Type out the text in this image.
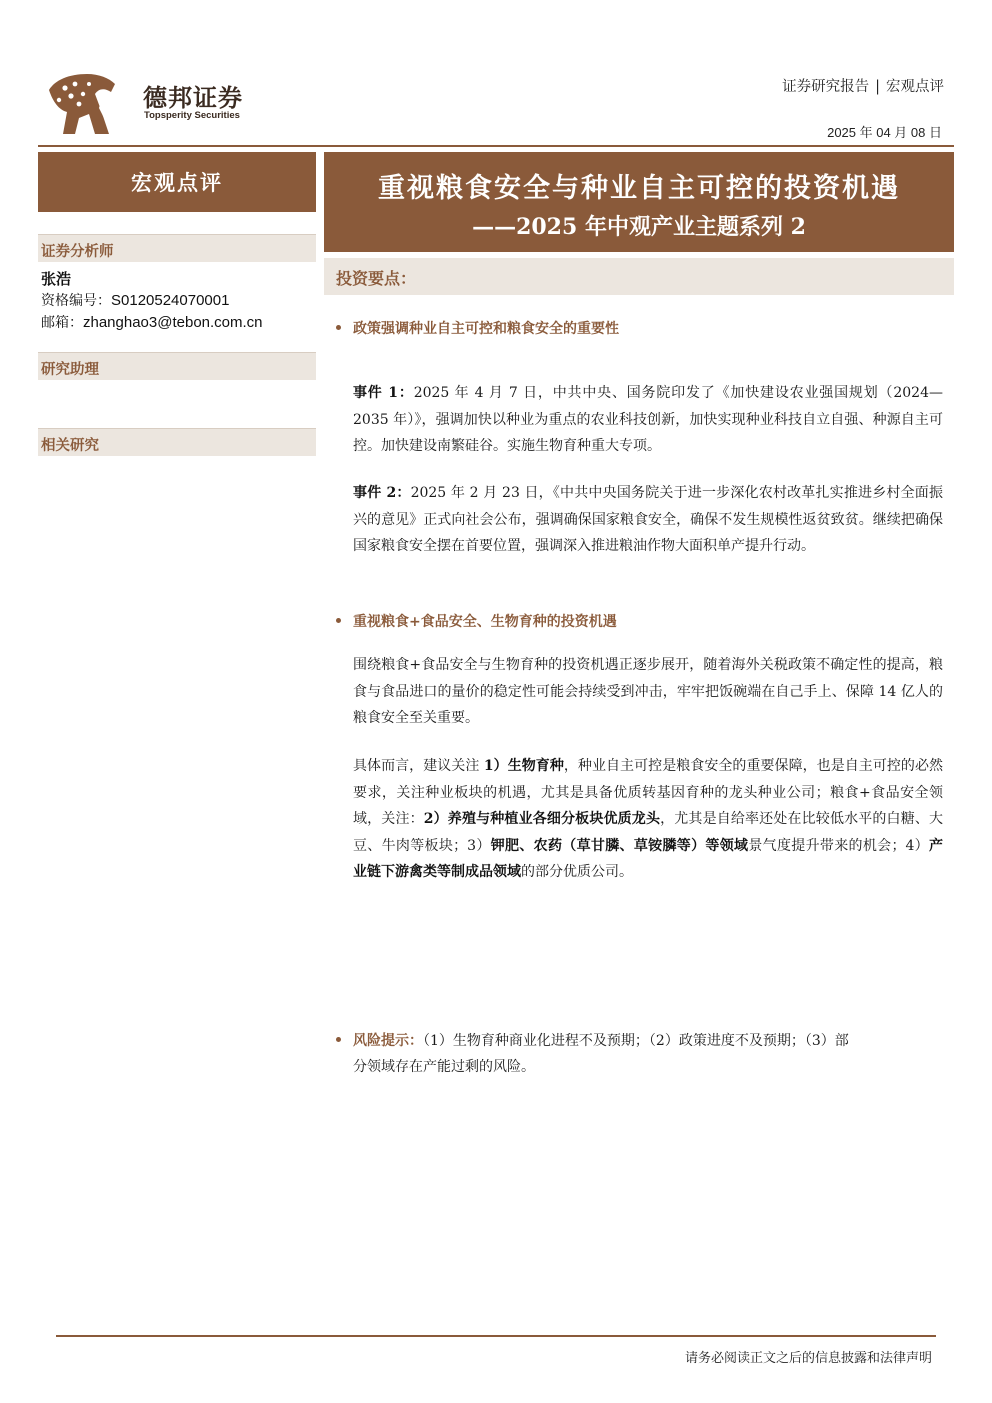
德邦证券
Topsperity Securities
证券研究报告 | 宏观点评
2025 年 04 月 08 日
宏观点评
证券分析师
张浩
资格编号：S0120524070001
邮箱：zhanghao3@tebon.com.cn
研究助理
相关研究
重视粮食安全与种业自主可控的投资机遇
——2025 年中观产业主题系列 2
投资要点：
政策强调种业自主可控和粮食安全的重要性
事件 1：2025 年 4 月 7 日，中共中央、国务院印发了《加快建设农业强国规划（2024—2035 年）》，强调加快以种业为重点的农业科技创新，加快实现种业科技自立自强、种源自主可控。加快建设南繁硅谷。实施生物育种重大专项。
事件 2：2025 年 2 月 23 日，《中共中央国务院关于进一步深化农村改革扎实推进乡村全面振兴的意见》正式向社会公布，强调确保国家粮食安全，确保不发生规模性返贫致贫。继续把确保国家粮食安全摆在首要位置，强调深入推进粮油作物大面积单产提升行动。
重视粮食+食品安全、生物育种的投资机遇
围绕粮食+食品安全与生物育种的投资机遇正逐步展开，随着海外关税政策不确定性的提高，粮食与食品进口的量价的稳定性可能会持续受到冲击，牢牢把饭碗端在自己手上、保障 14 亿人的粮食安全至关重要。
具体而言，建议关注 1）生物育种，种业自主可控是粮食安全的重要保障，也是自主可控的必然要求，关注种业板块的机遇，尤其是具备优质转基因育种的龙头种业公司；粮食+食品安全领域，关注：2）养殖与种植业各细分板块优质龙头，尤其是自给率还处在比较低水平的白糖、大豆、牛肉等板块；3）钾肥、农药（草甘膦、草铵膦等）等领域景气度提升带来的机会；4）产业链下游禽类等制成品领域的部分优质公司。
风险提示：（1）生物育种商业化进程不及预期；（2）政策进度不及预期；（3）部
分领域存在产能过剩的风险。
请务必阅读正文之后的信息披露和法律声明
